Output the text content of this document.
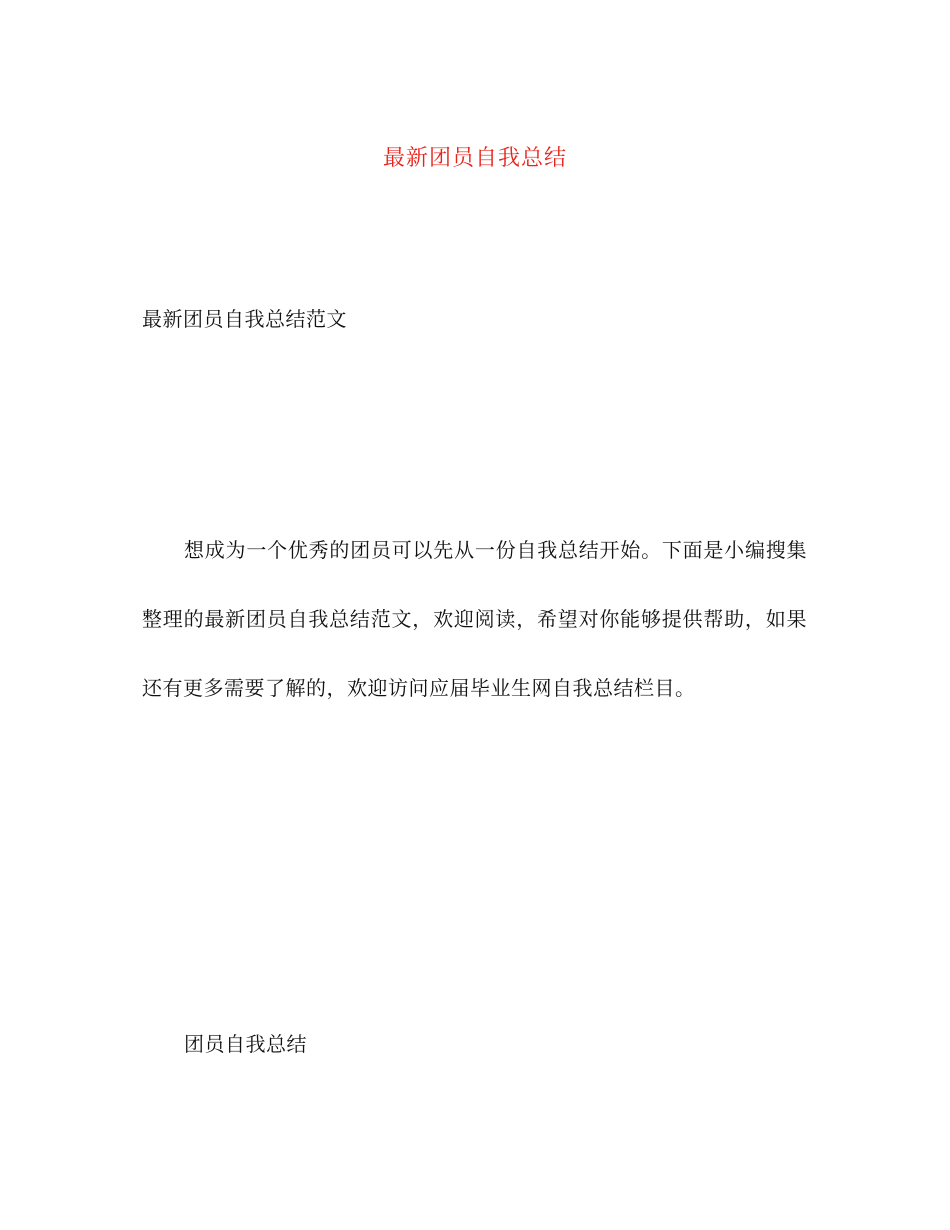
最新团员自我总结

最新团员自我总结范文

想成为一个优秀的团员可以先从一份自我总结开始。下面是小编搜集整理的最新团员自我总结范文，欢迎阅读，希望对你能够提供帮助，如果还有更多需要了解的，欢迎访问应届毕业生网自我总结栏目。

团员自我总结
